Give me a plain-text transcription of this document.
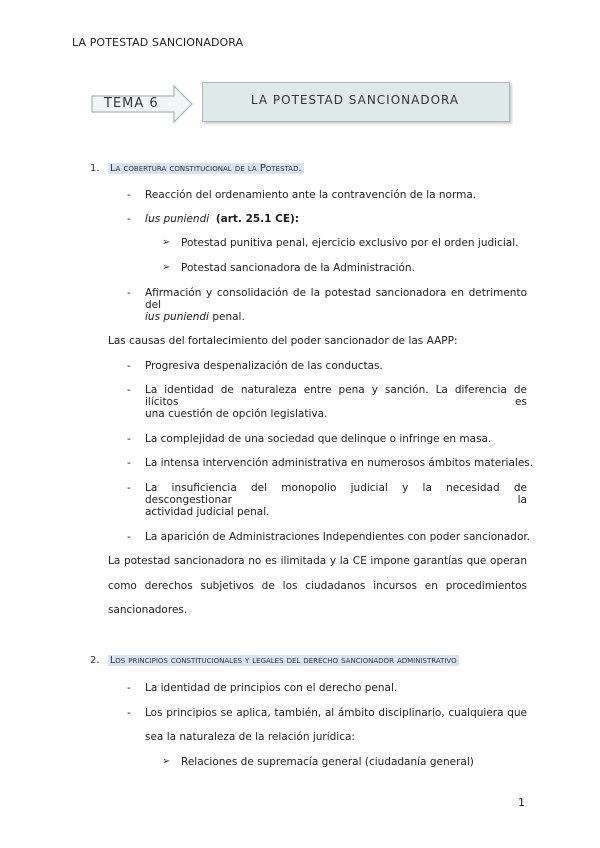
LA POTESTAD SANCIONADORA
TEMA 6	LA POTESTAD SANCIONADORA
1. La cobertura constitucional de la Potestad.
- Reacción del ordenamiento ante la contravención de la norma.
- Ius puniendi (art. 25.1 CE):
➢ Potestad punitiva penal, ejercicio exclusivo por el orden judicial.
➢ Potestad sancionadora de la Administración.
- Afirmación y consolidación de la potestad sancionadora en detrimento del
ius puniendi penal.
Las causas del fortalecimiento del poder sancionador de las AAPP:
- Progresiva despenalización de las conductas.
- La identidad de naturaleza entre pena y sanción. La diferencia de ilícitos es
una cuestión de opción legislativa.
- La complejidad de una sociedad que delinque o infringe en masa.
- La intensa intervención administrativa en numerosos ámbitos materiales.
- La insuficiencia del monopolio judicial y la necesidad de descongestionar la
actividad judicial penal.
- La aparición de Administraciones Independientes con poder sancionador.
La potestad sancionadora no es ilimitada y la CE impone garantías que operan
como derechos subjetivos de los ciudadanos incursos en procedimientos
sancionadores.
2. Los principios constitucionales y legales del derecho sancionador administrativo
- La identidad de principios con el derecho penal.
- Los principios se aplica, también, al ámbito disciplinario, cualquiera que
sea la naturaleza de la relación jurídica:
➢ Relaciones de supremacía general (ciudadanía general)
1
